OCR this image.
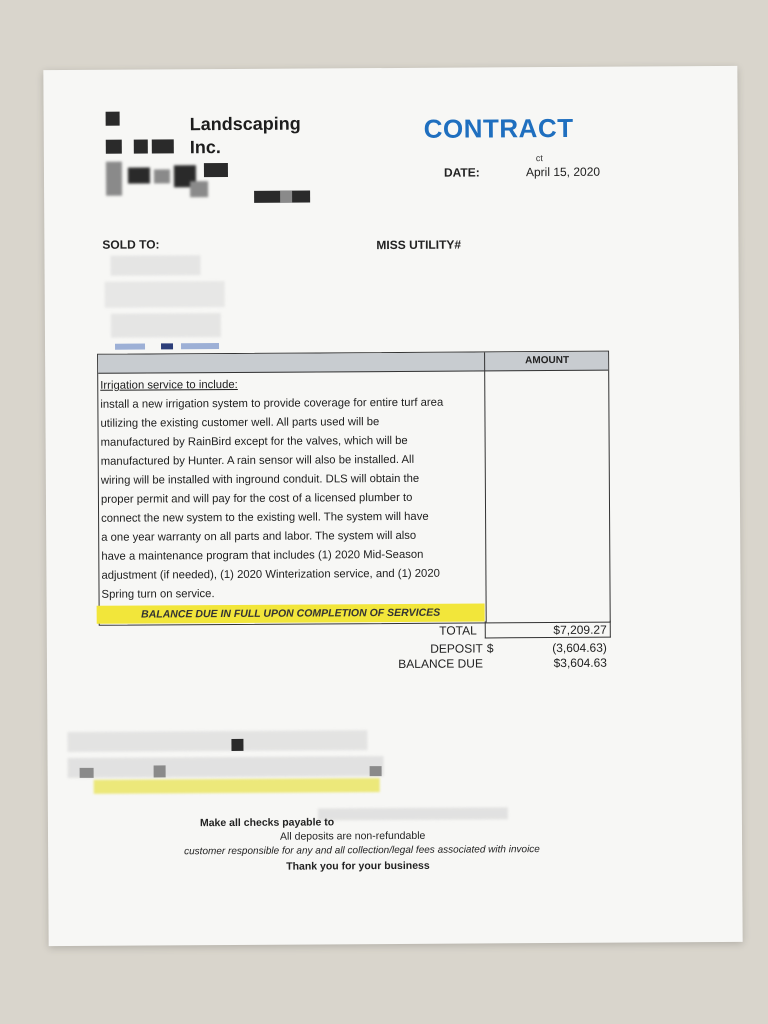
Landscaping
Inc.
CONTRACT
ct
DATE:	April 15, 2020
SOLD TO:	MISS UTILITY#
AMOUNT
Irrigation service to include:
install a new irrigation system to provide coverage for entire turf area
utilizing the existing customer well. All parts used will be
manufactured by RainBird except for the valves, which will be
manufactured by Hunter. A rain sensor will also be installed. All
wiring will be installed with inground conduit. DLS will obtain the
proper permit and will pay for the cost of a licensed plumber to
connect the new system to the existing well. The system will have
a one year warranty on all parts and labor. The system will also
have a maintenance program that includes (1) 2020 Mid-Season
adjustment (if needed), (1) 2020 Winterization service, and (1) 2020
Spring turn on service.
BALANCE DUE IN FULL UPON COMPLETION OF SERVICES
TOTAL	$7,209.27
DEPOSIT $	(3,604.63)
BALANCE DUE	$3,604.63
Make all checks payable to
All deposits are non-refundable
customer responsible for any and all collection/legal fees associated with invoice
Thank you for your business
